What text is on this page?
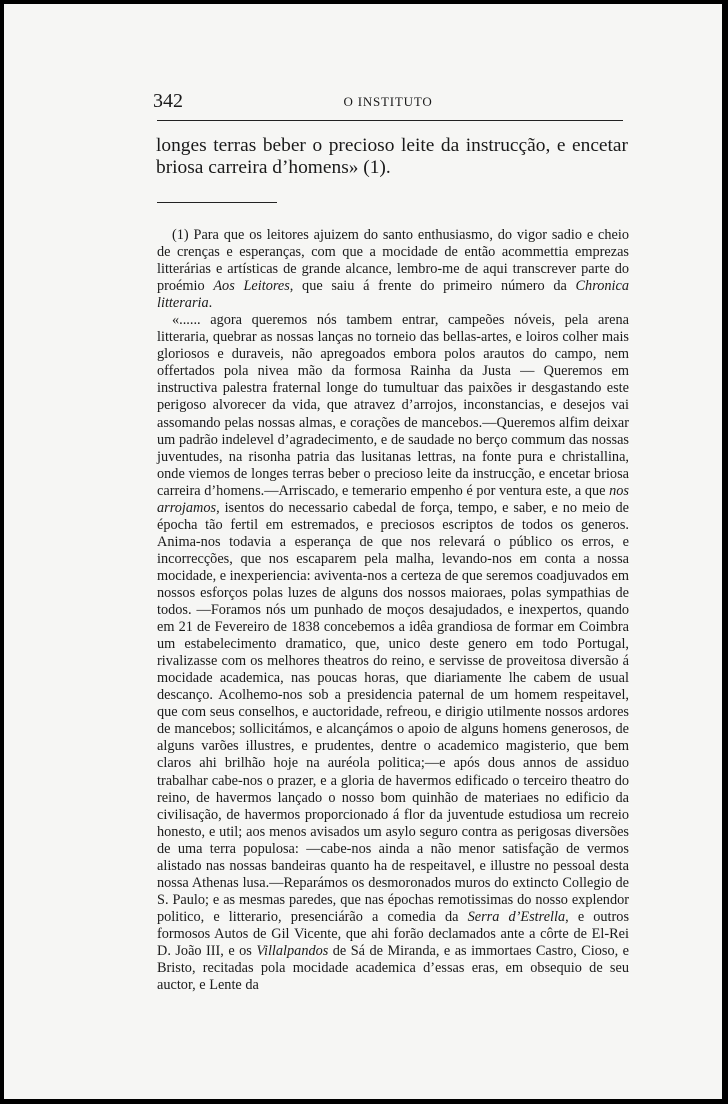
342	O INSTITUTO

longes terras beber o precioso leite da instrucção, e encetar briosa carreira d’homens» (1).

(1) Para que os leitores ajuizem do santo enthusiasmo, do vigor sadio e cheio de crenças e esperanças, com que a mocidade de então acommettia emprezas litterárias e artísticas de grande alcance, lembro-me de aqui transcrever parte do proémio Aos Leitores, que saiu á frente do primeiro número da Chronica litteraria.

«...... agora queremos nós tambem entrar, campeões nóveis, pela arena litteraria, quebrar as nossas lanças no torneio das bellas-artes, e loiros colher mais gloriosos e duraveis, não apregoados embora polos arautos do campo, nem offertados pola nivea mão da formosa Rainha da Justa — Queremos em instructiva palestra fraternal longe do tumultuar das paixões ir desgastando este perigoso alvorecer da vida, que atravez d’arrojos, inconstancias, e desejos vai assomando pelas nossas almas, e corações de mancebos.—Queremos alfim deixar um padrão indelevel d’agradecimento, e de saudade no berço commum das nossas juventudes, na risonha patria das lusitanas lettras, na fonte pura e christallina, onde viemos de longes terras beber o precioso leite da instrucção, e encetar briosa carreira d’homens.—Arriscado, e temerario empenho é por ventura este, a que nos arrojamos, isentos do necessario cabedal de força, tempo, e saber, e no meio de épocha tão fertil em estremados, e preciosos escriptos de todos os generos. Anima-nos todavia a esperança de que nos relevará o público os erros, e incorrecções, que nos escaparem pela malha, levando-nos em conta a nossa mocidade, e inexperiencia: aviventa-nos a certeza de que seremos coadjuvados em nossos esforços polas luzes de alguns dos nossos maioraes, polas sympathias de todos. —Foramos nós um punhado de moços desajudados, e inexpertos, quando em 21 de Fevereiro de 1838 concebemos a idêa grandiosa de formar em Coimbra um estabelecimento dramatico, que, unico deste genero em todo Portugal, rivalizasse com os melhores theatros do reino, e servisse de proveitosa diversão á mocidade academica, nas poucas horas, que diariamente lhe cabem de usual descanço. Acolhemo-nos sob a presidencia paternal de um homem respeitavel, que com seus conselhos, e auctoridade, refreou, e dirigio utilmente nossos ardores de mancebos; sollicitámos, e alcançámos o apoio de alguns homens generosos, de alguns varões illustres, e prudentes, dentre o academico magisterio, que bem claros ahi brilhão hoje na auréola politica;—e após dous annos de assiduo trabalhar cabe-nos o prazer, e a gloria de havermos edificado o terceiro theatro do reino, de havermos lançado o nosso bom quinhão de materiaes no edificio da civilisação, de havermos proporcionado á flor da juventude estudiosa um recreio honesto, e util; aos menos avisados um asylo seguro contra as perigosas diversões de uma terra populosa: —cabe-nos ainda a não menor satisfação de vermos alistado nas nossas bandeiras quanto ha de respeitavel, e illustre no pessoal desta nossa Athenas lusa.—Reparámos os desmoronados muros do extincto Collegio de S. Paulo; e as mesmas paredes, que nas épochas remotissimas do nosso explendor politico, e litterario, presenciárão a comedia da Serra d’Estrella, e outros formosos Autos de Gil Vicente, que ahi forão declamados ante a côrte de El-Rei D. João III, e os Villalpandos de Sá de Miranda, e as immortaes Castro, Cioso, e Bristo, recitadas pola mocidade academica d’essas eras, em obsequio de seu auctor, e Lente da
